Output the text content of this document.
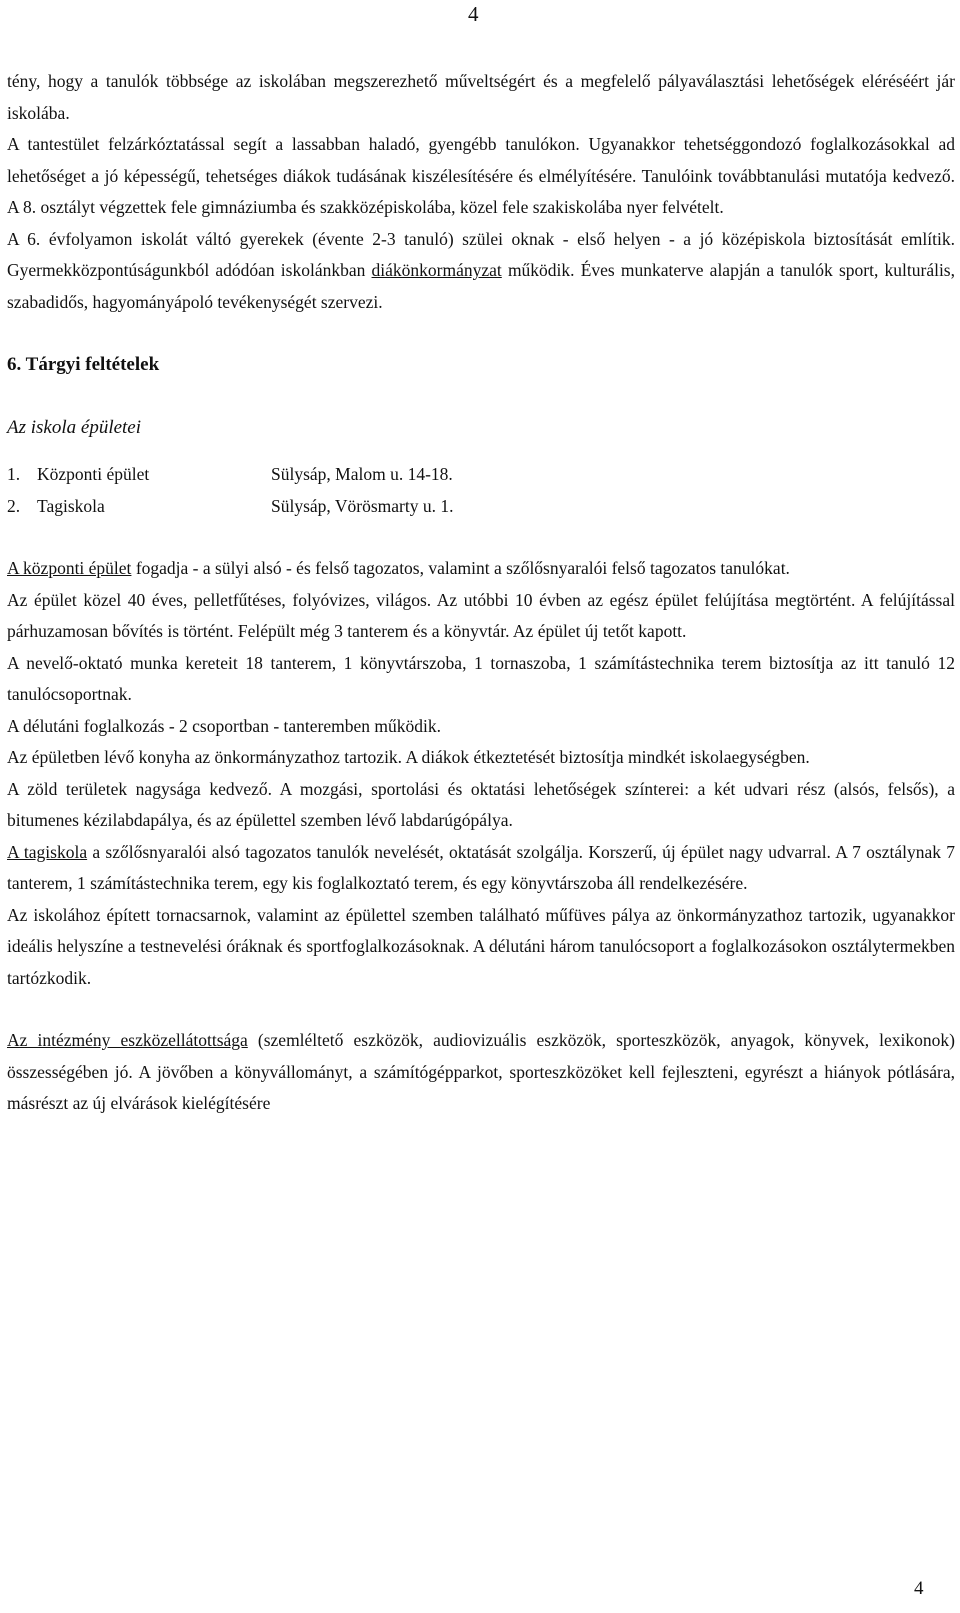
4

tény, hogy a tanulók többsége az iskolában megszerezhető műveltségért és a megfelelő pályaválasztási lehetőségek eléréséért jár iskolába.

A tantestület felzárkóztatással segít a lassabban haladó, gyengébb tanulókon. Ugyanakkor tehetséggondozó foglalkozásokkal ad lehetőséget a jó képességű, tehetséges diákok tudásának kiszélesítésére és elmélyítésére. Tanulóink továbbtanulási mutatója kedvező. A 8. osztályt végzettek fele gimnáziumba és szakközépiskolába, közel fele szakiskolába nyer felvételt.

A 6. évfolyamon iskolát váltó gyerekek (évente 2-3 tanuló) szülei oknak - első helyen - a jó középiskola biztosítását említik. Gyermekközpontúságunkból adódóan iskolánkban diákönkormányzat működik. Éves munkaterve alapján a tanulók sport, kulturális, szabadidős, hagyományápoló tevékenységét szervezi.

6. Tárgyi feltételek

Az iskola épületei

1. Központi épület	Sülysáp, Malom u. 14-18.
2. Tagiskola	Sülysáp, Vörösmarty u. 1.

A központi épület fogadja - a sülyi alsó - és felső tagozatos, valamint a szőlősnyaralói felső tagozatos tanulókat.

Az épület közel 40 éves, pelletfűtéses, folyóvizes, világos. Az utóbbi 10 évben az egész épület felújítása megtörtént. A felújítással párhuzamosan bővítés is történt. Felépült még 3 tanterem és a könyvtár. Az épület új tetőt kapott.

A nevelő-oktató munka kereteit 18 tanterem, 1 könyvtárszoba, 1 tornaszoba, 1 számítástechnika terem biztosítja az itt tanuló 12 tanulócsoportnak.

A délutáni foglalkozás - 2 csoportban - tanteremben működik.

Az épületben lévő konyha az önkormányzathoz tartozik. A diákok étkeztetését biztosítja mindkét iskolaegységben.

A zöld területek nagysága kedvező. A mozgási, sportolási és oktatási lehetőségek színterei: a két udvari rész (alsós, felsős), a bitumenes kézilabdapálya, és az épülettel szemben lévő labdarúgópálya.

A tagiskola a szőlősnyaralói alsó tagozatos tanulók nevelését, oktatását szolgálja. Korszerű, új épület nagy udvarral. A 7 osztálynak 7 tanterem, 1 számítástechnika terem, egy kis foglalkoztató terem, és egy könyvtárszoba áll rendelkezésére.

Az iskolához épített tornacsarnok, valamint az épülettel szemben található műfüves pálya az önkormányzathoz tartozik, ugyanakkor ideális helyszíne a testnevelési óráknak és sportfoglalkozásoknak. A délutáni három tanulócsoport a foglalkozásokon osztálytermekben tartózkodik.

Az intézmény eszközellátottsága (szemléltető eszközök, audiovizuális eszközök, sporteszközök, anyagok, könyvek, lexikonok) összességében jó. A jövőben a könyvállományt, a számítógépparkot, sporteszközöket kell fejleszteni, egyrészt a hiányok pótlására, másrészt az új elvárások kielégítésére

4
